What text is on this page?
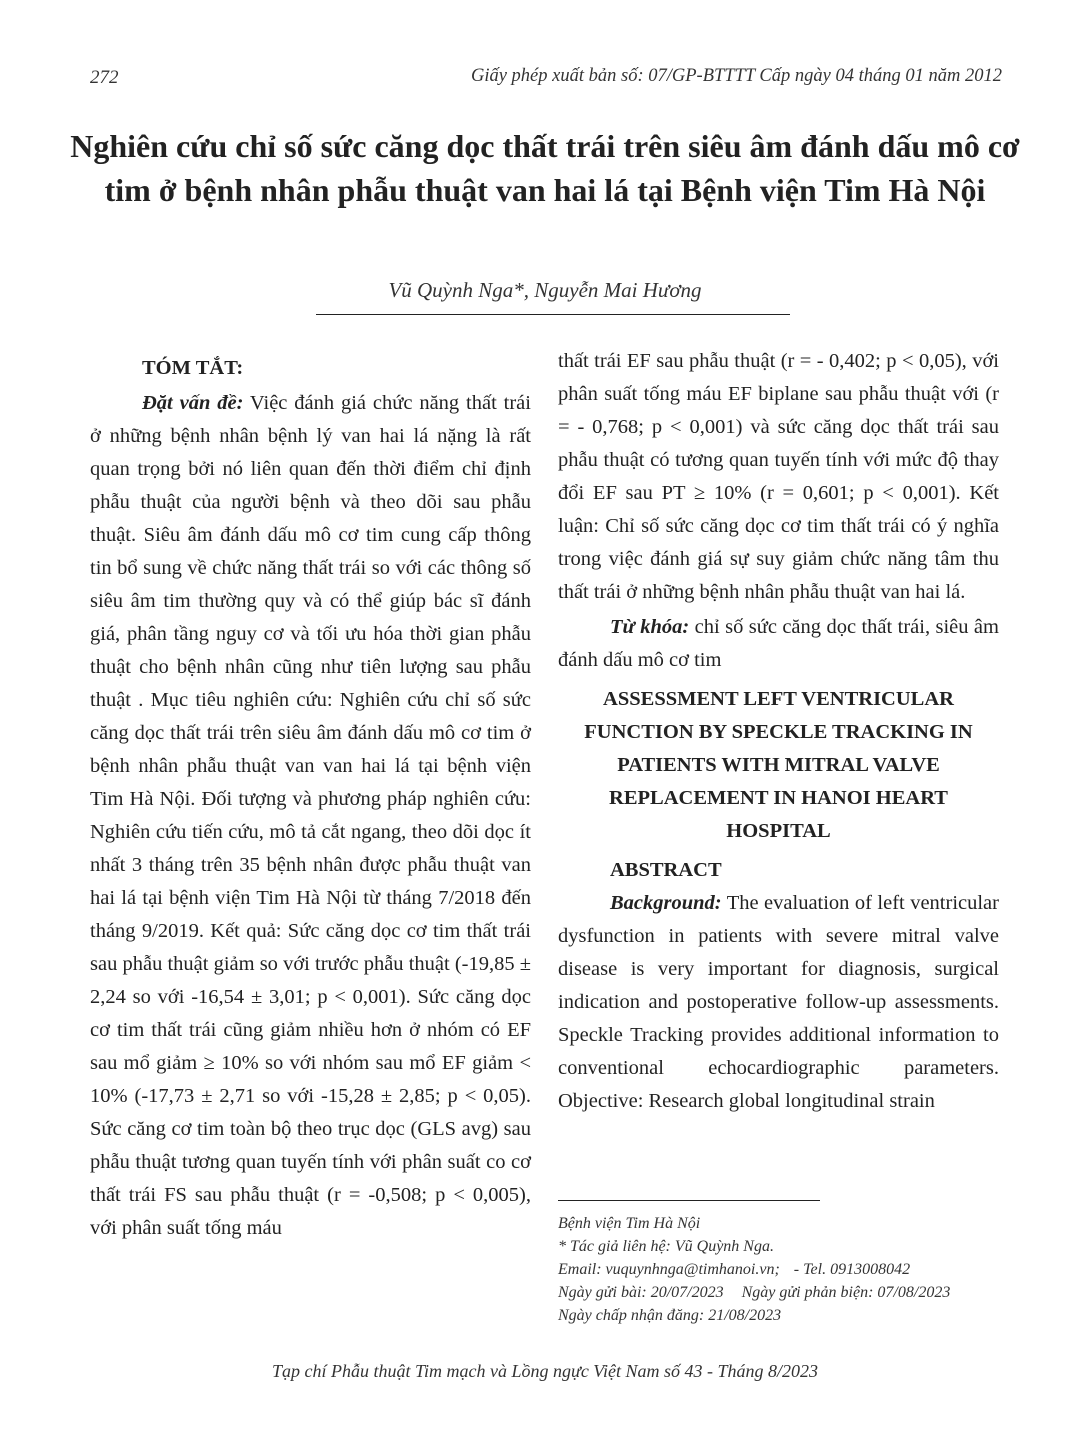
272	Giấy phép xuất bản số: 07/GP-BTTTT Cấp ngày 04 tháng 01 năm 2012
Nghiên cứu chỉ số sức căng dọc thất trái trên siêu âm đánh dấu mô cơ tim ở bệnh nhân phẫu thuật van hai lá tại Bệnh viện Tim Hà Nội
Vũ Quỳnh Nga*, Nguyễn Mai Hương

TÓM TẮT:

Đặt vấn đề: Việc đánh giá chức năng thất trái ở những bệnh nhân bệnh lý van hai lá nặng là rất quan trọng bởi nó liên quan đến thời điểm chỉ định phẫu thuật của người bệnh và theo dõi sau phẫu thuật. Siêu âm đánh dấu mô cơ tim cung cấp thông tin bổ sung về chức năng thất trái so với các thông số siêu âm tim thường quy và có thể giúp bác sĩ đánh giá, phân tầng nguy cơ và tối ưu hóa thời gian phẫu thuật cho bệnh nhân cũng như tiên lượng sau phẫu thuật . Mục tiêu nghiên cứu: Nghiên cứu chỉ số sức căng dọc thất trái trên siêu âm đánh dấu mô cơ tim ở bệnh nhân phẫu thuật van van hai lá tại bệnh viện Tim Hà Nội. Đối tượng và phương pháp nghiên cứu: Nghiên cứu tiến cứu, mô tả cắt ngang, theo dõi dọc ít nhất 3 tháng trên 35 bệnh nhân được phẫu thuật van hai lá tại bệnh viện Tim Hà Nội từ tháng 7/2018 đến tháng 9/2019. Kết quả: Sức căng dọc cơ tim thất trái sau phẫu thuật giảm so với trước phẫu thuật (-19,85 ± 2,24 so với -16,54 ± 3,01; p < 0,001). Sức căng dọc cơ tim thất trái cũng giảm nhiều hơn ở nhóm có EF sau mổ giảm ≥ 10% so với nhóm sau mổ EF giảm < 10% (-17,73 ± 2,71 so với -15,28 ± 2,85; p < 0,05). Sức căng cơ tim toàn bộ theo trục dọc (GLS avg) sau phẫu thuật tương quan tuyến tính với phân suất co cơ thất trái FS sau phẫu thuật (r = -0,508; p < 0,005), với phân suất tống máu

thất trái EF sau phẫu thuật (r = - 0,402; p < 0,05), với phân suất tống máu EF biplane sau phẫu thuật với (r = - 0,768; p < 0,001) và sức căng dọc thất trái sau phẫu thuật có tương quan tuyến tính với mức độ thay đổi EF sau PT ≥ 10% (r = 0,601; p < 0,001). Kết luận: Chỉ số sức căng dọc cơ tim thất trái có ý nghĩa trong việc đánh giá sự suy giảm chức năng tâm thu thất trái ở những bệnh nhân phẫu thuật van hai lá.

Từ khóa: chỉ số sức căng dọc thất trái, siêu âm đánh dấu mô cơ tim

ASSESSMENT LEFT VENTRICULAR FUNCTION BY SPECKLE TRACKING IN PATIENTS WITH MITRAL VALVE REPLACEMENT IN HANOI HEART HOSPITAL

ABSTRACT

Background: The evaluation of left ventricular dysfunction in patients with severe mitral valve disease is very important for diagnosis, surgical indication and postoperative follow-up assessments. Speckle Tracking provides additional information to conventional echocardiographic parameters. Objective: Research global longitudinal strain

Bệnh viện Tim Hà Nội
* Tác giả liên hệ: Vũ Quỳnh Nga.
Email: vuquynhnga@timhanoi.vn; - Tel. 0913008042
Ngày gửi bài: 20/07/2023 Ngày gửi phản biện: 07/08/2023
Ngày chấp nhận đăng: 21/08/2023
Tạp chí Phẫu thuật Tim mạch và Lồng ngực Việt Nam số 43 - Tháng 8/2023
